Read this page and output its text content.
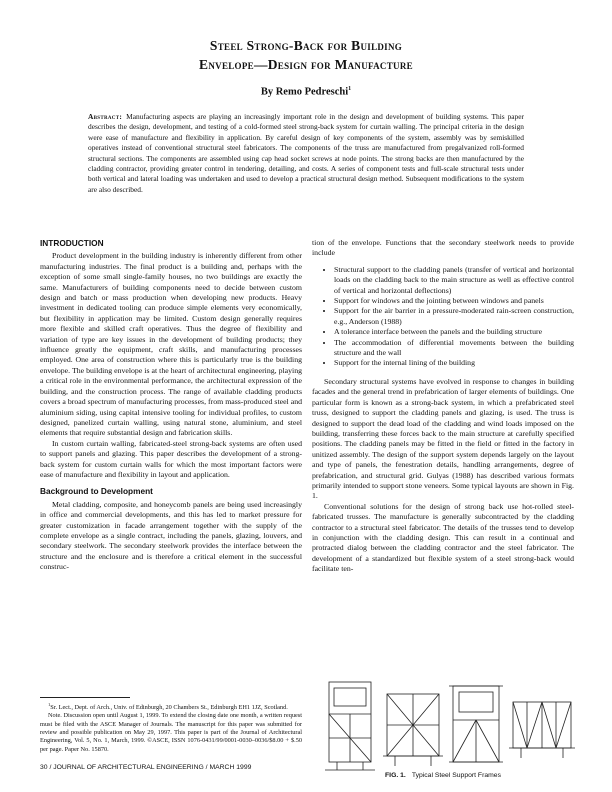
Steel Strong-Back for Building
Envelope—Design for Manufacture
By Remo Pedreschi$^1$
Abstract: Manufacturing aspects are playing an increasingly important role in the design and development of building systems. This paper describes the design, development, and testing of a cold-formed steel strong-back system for curtain walling. The principal criteria in the design were ease of manufacture and flexibility in application. By careful design of key components of the system, assembly was by semiskilled operatives instead of conventional structural steel fabricators. The components of the truss are manufactured from pregalvanized roll-formed structural sections. The components are assembled using cap head socket screws at node points. The strong backs are then manufactured by the cladding contractor, providing greater control in tendering, detailing, and costs. A series of component tests and full-scale structural tests under both vertical and lateral loading was undertaken and used to develop a practical structural design method. Subsequent modifications to the system are also described.
INTRODUCTION

Product development in the building industry is inherently different from other manufacturing industries. The final product is a building and, perhaps with the exception of some small single-family houses, no two buildings are exactly the same. Manufacturers of building components need to decide between custom design and batch or mass production when developing new products. Heavy investment in dedicated tooling can produce simple elements very economically, but flexibility in application may be limited. Custom design generally requires more flexible and skilled craft operatives. Thus the degree of flexibility and variation of type are key issues in the development of building products; they influence greatly the equipment, craft skills, and manufacturing processes employed. One area of construction where this is particularly true is the building envelope. The building envelope is at the heart of architectural engineering, playing a critical role in the environmental performance, the architectural expression of the building, and the construction process. The range of available cladding products covers a broad spectrum of manufacturing processes, from mass-produced steel and aluminium siding, using capital intensive tooling for individual profiles, to custom designed, panelized curtain walling, using natural stone, aluminium, and steel elements that require substantial design and fabrication skills.

In custom curtain walling, fabricated-steel strong-back systems are often used to support panels and glazing. This paper describes the development of a strong-back system for custom curtain walls for which the most important factors were ease of manufacture and flexibility in layout and application.

Background to Development

Metal cladding, composite, and honeycomb panels are being used increasingly in office and commercial developments, and this has led to market pressure for greater customization in facade arrangement together with the supply of the complete envelope as a single contract, including the panels, glazing, louvers, and secondary steelwork. The secondary steelwork provides the interface between the structure and the enclosure and is therefore a critical element in the successful construc-

tion of the envelope. Functions that the secondary steelwork needs to provide include

• Structural support to the cladding panels (transfer of vertical and horizontal loads on the cladding back to the main structure as well as effective control of vertical and horizontal deflections)
• Support for windows and the jointing between windows and panels
• Support for the air barrier in a pressure-moderated rain-screen construction, e.g., Anderson (1988)
• A tolerance interface between the panels and the building structure
• The accommodation of differential movements between the building structure and the wall
• Support for the internal lining of the building

Secondary structural systems have evolved in response to changes in building facades and the general trend in prefabrication of larger elements of buildings. One particular form is known as a strong-back system, in which a prefabricated steel truss, designed to support the cladding panels and glazing, is used. The truss is designed to support the dead load of the cladding and wind loads imposed on the building, transferring these forces back to the main structure at carefully specified positions. The cladding panels may be fitted in the field or fitted in the factory in unitized assembly. The design of the support system depends largely on the layout and type of panels, the fenestration details, handling arrangements, degree of prefabrication, and structural grid. Gulyas (1988) has described various formats primarily intended to support stone veneers. Some typical layouts are shown in Fig. 1.

Conventional solutions for the design of strong back use hot-rolled steel-fabricated trusses. The manufacture is generally subcontracted by the cladding contractor to a structural steel fabricator. The details of the trusses tend to develop in conjunction with the cladding design. This can result in a continual and protracted dialog between the cladding contractor and the steel fabricator. The development of a standardized but flexible system of a steel strong-back would facilitate ten-

$^1$Sr. Lect., Dept. of Arch., Univ. of Edinburgh, 20 Chambers St., Edinburgh EH1 1JZ, Scotland.

Note. Discussion open until August 1, 1999. To extend the closing date one month, a written request must be filed with the ASCE Manager of Journals. The manuscript for this paper was submitted for review and possible publication on May 29, 1997. This paper is part of the Journal of Architectural Engineering, Vol. 5, No. 1, March, 1999. ©ASCE, ISSN 1076-0431/99/0001-0030–0036/$8.00 + $.50 per page. Paper No. 15870.

30 / JOURNAL OF ARCHITECTURAL ENGINEERING / MARCH 1999
FIG. 1. Typical Steel Support Frames
